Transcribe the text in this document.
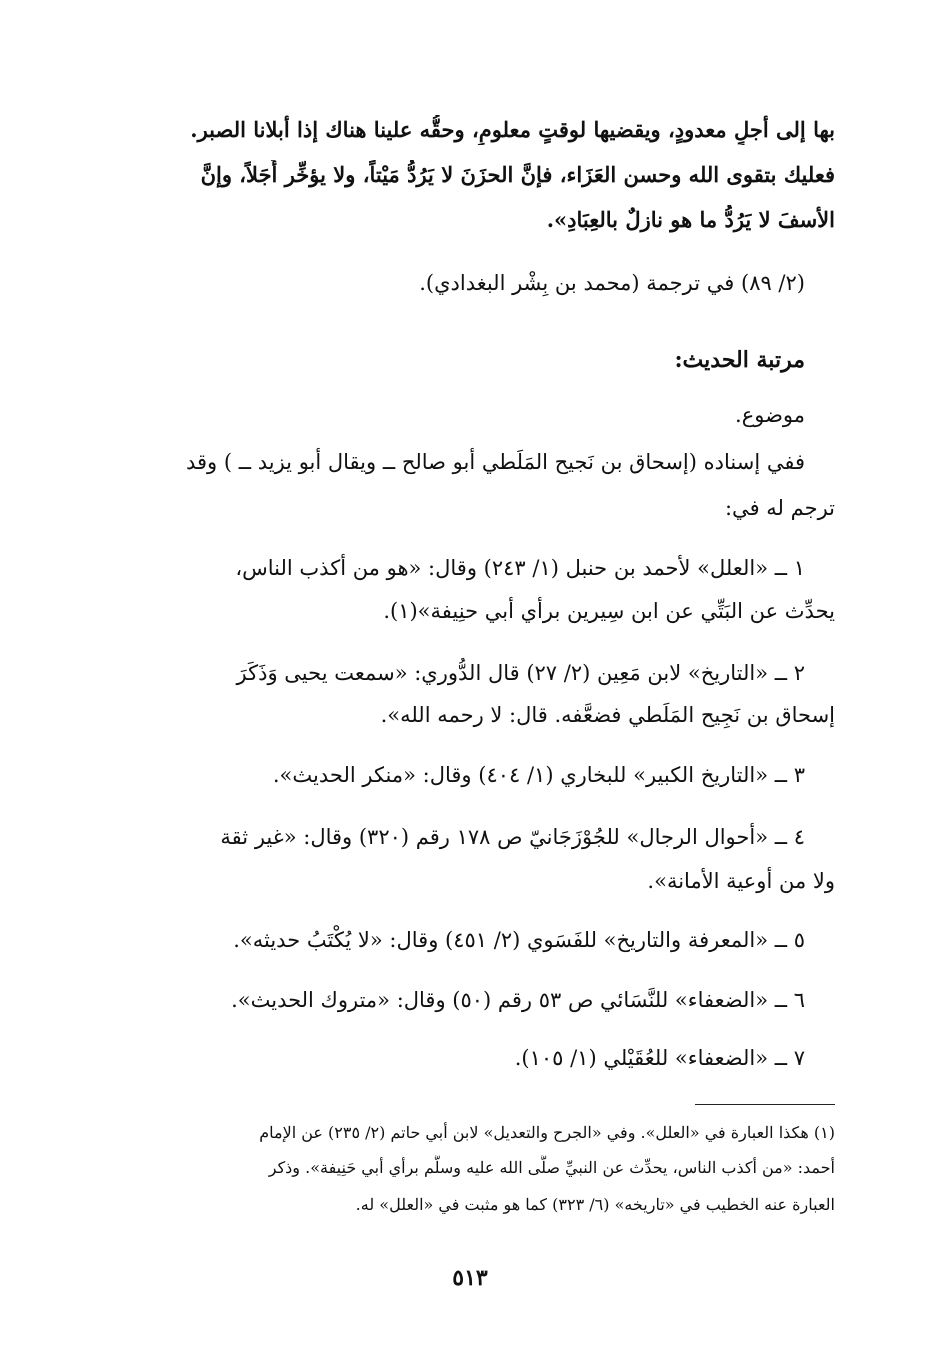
بها إلى أجلٍ معدودٍ، ويقضيها لوقتٍ معلومٍ، وحقُّه علينا هناك إذا أبلانا الصبر.
فعليك بتقوى الله وحسن العَزَاء، فإنَّ الحزَنَ لا يَرُدُّ مَيْتاً، ولا يؤخِّر أَجَلاً، وإنَّ
الأسفَ لا يَرُدُّ ما هو نازلٌ بالعِبَادِ».
(٢/ ٨٩) في ترجمة (محمد بن بِشْر البغدادي).
مرتبة الحديث:
موضوع.
ففي إسناده (إسحاق بن نَجيح المَلَطي أبو صالح ــ ويقال أبو يزيد ــ ) وقد
ترجم له في:
١ ــ «العلل» لأحمد بن حنبل (١/ ٢٤٣) وقال: «هو من أكذب الناس،
يحدِّث عن البَتِّي عن ابن سِيرين برأي أبي حنِيفة»(١).
٢ ــ «التاريخ» لابن مَعِين (٢/ ٢٧) قال الدُّوري: «سمعت يحيى وَذَكَرَ
إسحاق بن نَجِيح المَلَطي فضعَّفه. قال: لا رحمه الله».
٣ ــ «التاريخ الكبير» للبخاري (١/ ٤٠٤) وقال: «منكر الحديث».
٤ ــ «أحوال الرجال» للجُوْزَجَانيّ ص ١٧٨ رقم (٣٢٠) وقال: «غير ثقة
ولا من أوعية الأمانة».
٥ ــ «المعرفة والتاريخ» للفَسَوي (٢/ ٤٥١) وقال: «لا يُكْتَبُ حديثه».
٦ ــ «الضعفاء» للنَّسَائي ص ٥٣ رقم (٥٠) وقال: «متروك الحديث».
٧ ــ «الضعفاء» للعُقَيْلي (١/ ١٠٥).
(١) هكذا العبارة في «العلل». وفي «الجرح والتعديل» لابن أبي حاتم (٢/ ٢٣٥) عن الإمام
أحمد: «من أكذب الناس، يحدِّث عن النبيِّ صلَّى الله عليه وسلَّم برأي أبي حَنِيفة». وذكر
العبارة عنه الخطيب في «تاريخه» (٦/ ٣٢٣) كما هو مثبت في «العلل» له.
٥١٣
